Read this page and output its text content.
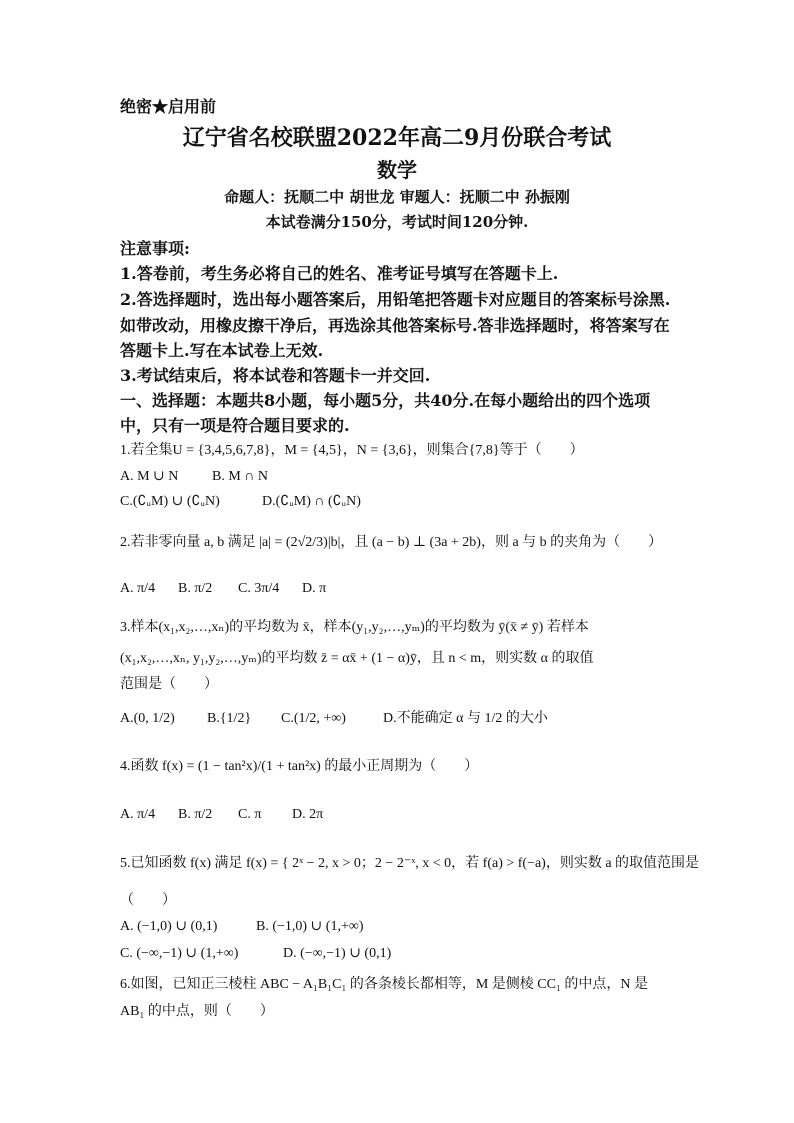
绝密★启用前
辽宁省名校联盟2022年高二9月份联合考试
数学
命题人：抚顺二中 胡世龙 审题人：抚顺二中 孙振刚
本试卷满分150分，考试时间120分钟.
注意事项:
1.答卷前，考生务必将自己的姓名、准考证号填写在答题卡上.
2.答选择题时，选出每小题答案后，用铅笔把答题卡对应题目的答案标号涂黑.
如带改动，用橡皮擦干净后，再选涂其他答案标号.答非选择题时，将答案写在
答题卡上.写在本试卷上无效.
3.考试结束后，将本试卷和答题卡一并交回.
一、选择题：本题共8小题，每小题5分，共40分.在每小题给出的四个选项
中，只有一项是符合题目要求的.
1.若全集U = {3,4,5,6,7,8}，M = {4,5}，N = {3,6}，则集合{7,8}等于（　　）
A. M ∪ N B. M ∩ N
C.(∁ᵤM) ∪ (∁ᵤN)	D.(∁ᵤM) ∩ (∁ᵤN)
2.若非零向量 a, b 满足 |a| = (2√2/3)|b|，且 (a − b) ⊥ (3a + 2b)，则 a 与 b 的夹角为（　　）
A. π/4 B. π/2 C. 3π/4 D. π
3.样本(x₁,x₂,…,xₙ)的平均数为 x̄，样本(y₁,y₂,…,yₘ)的平均数为 ȳ(x̄ ≠ ȳ) 若样本
(x₁,x₂,…,xₙ, y₁,y₂,…,yₘ)的平均数 z̄ = αx̄ + (1 − α)ȳ，且 n < m，则实数 α 的取值
范围是（　　）
A.(0, 1/2) B.{1/2} C.(1/2, +∞)	D.不能确定 α 与 1/2 的大小
4.函数 f(x) = (1 − tan²x)/(1 + tan²x) 的最小正周期为（　　）
A. π/4 B. π/2 C. π D. 2π
5.已知函数 f(x) 满足 f(x) = { 2ˣ − 2, x > 0；2 − 2⁻ˣ, x < 0，若 f(a) > f(−a)，则实数 a 的取值范围是
（　　）
A. (−1,0) ∪ (0,1)	B. (−1,0) ∪ (1,+∞)
C. (−∞,−1) ∪ (1,+∞)	D. (−∞,−1) ∪ (0,1)
6.如图，已知正三棱柱 ABC − A₁B₁C₁ 的各条棱长都相等，M 是侧棱 CC₁ 的中点，N 是
AB₁ 的中点，则（　　）
